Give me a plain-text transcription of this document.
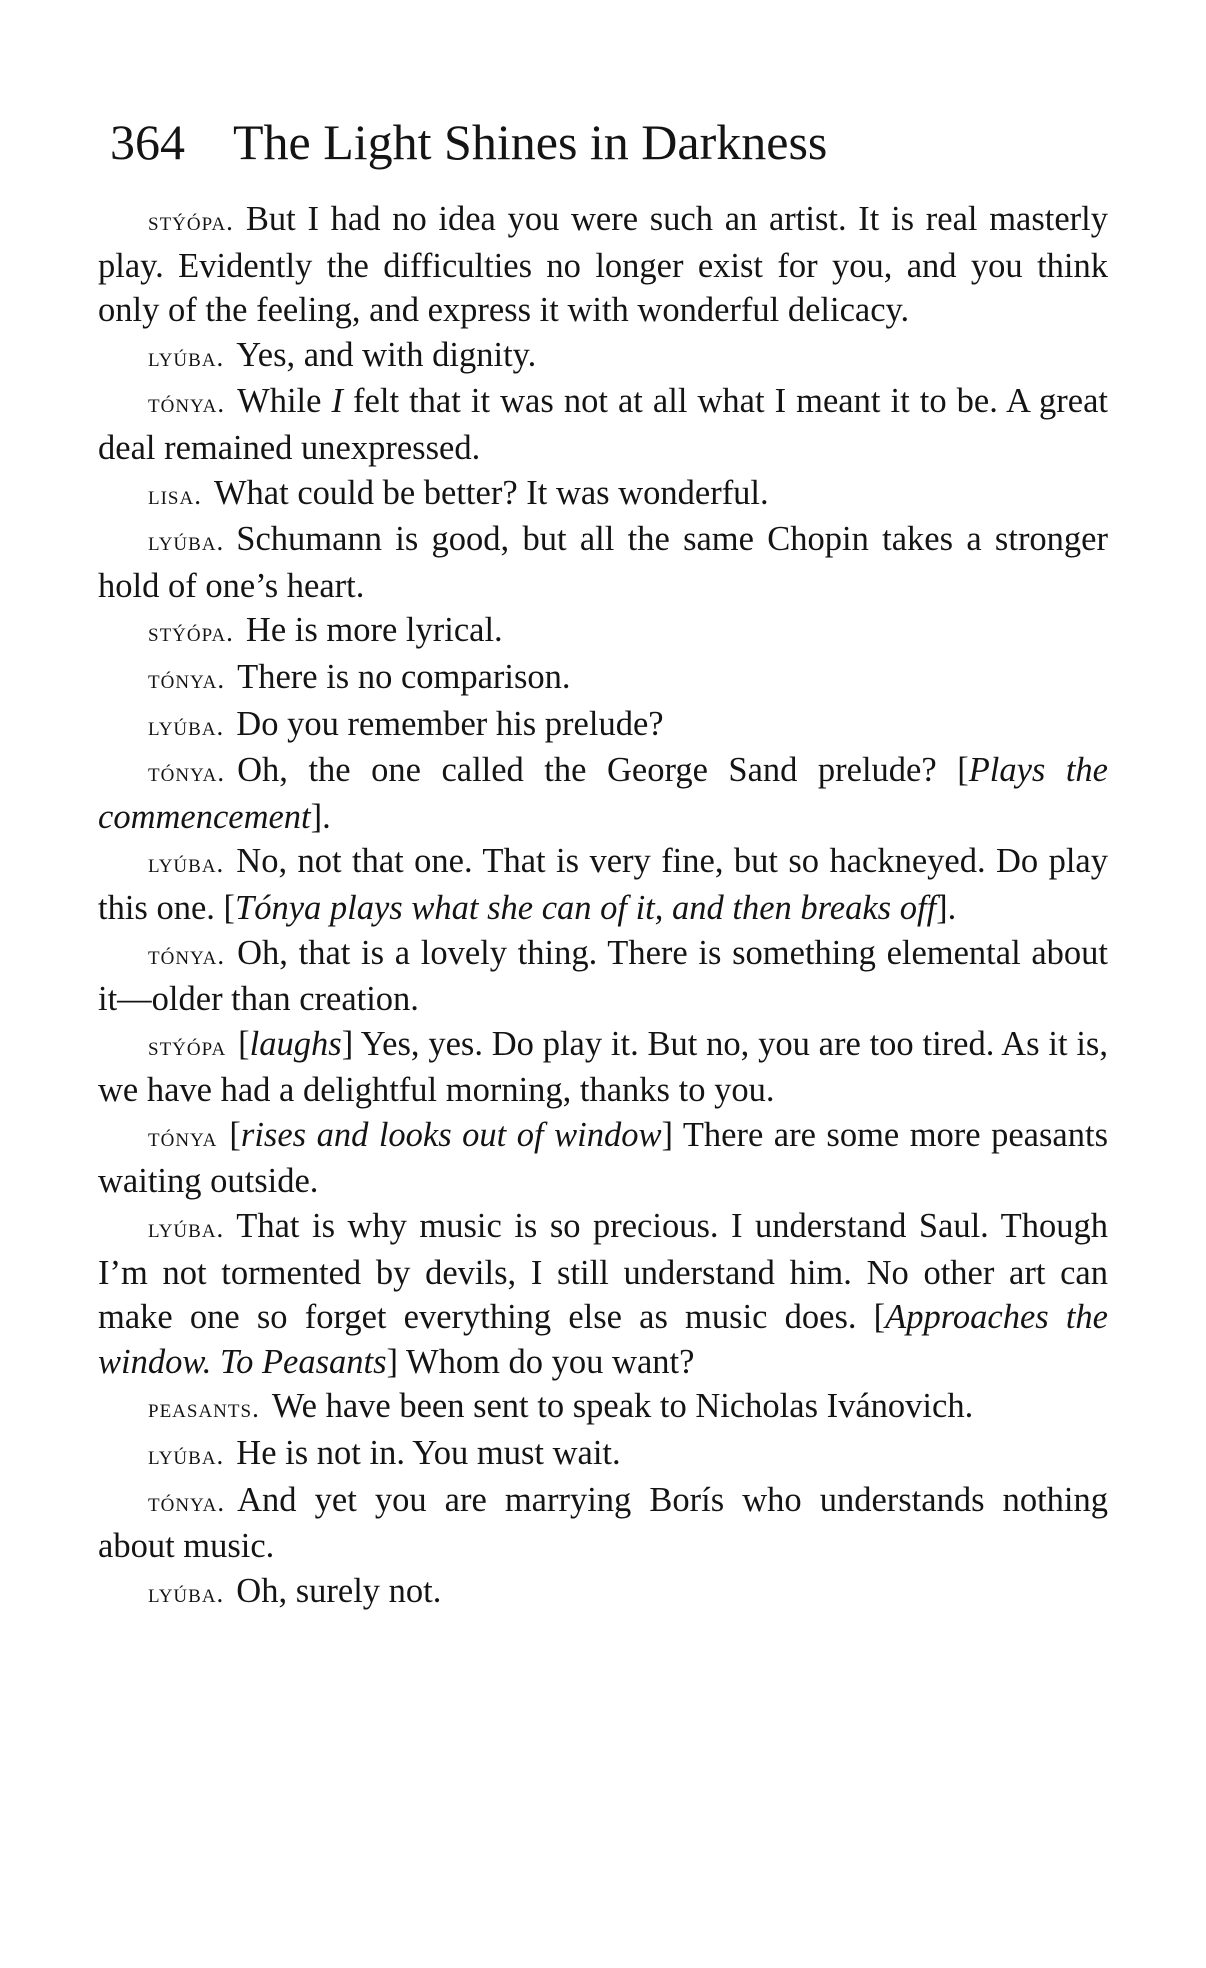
364 The Light Shines in Darkness

stýópa. But I had no idea you were such an artist. It is real masterly play. Evidently the difficulties no longer exist for you, and you think only of the feeling, and express it with wonderful delicacy.

lyúba. Yes, and with dignity.

tónya. While I felt that it was not at all what I meant it to be. A great deal remained unexpressed.

lisa. What could be better? It was wonderful.

lyúba. Schumann is good, but all the same Chopin takes a stronger hold of one’s heart.

stýópa. He is more lyrical.

tónya. There is no comparison.

lyúba. Do you remember his prelude?

tónya. Oh, the one called the George Sand prelude? [Plays the commencement].

lyúba. No, not that one. That is very fine, but so hackneyed. Do play this one. [Tónya plays what she can of it, and then breaks off].

tónya. Oh, that is a lovely thing. There is something elemental about it—older than creation.

stýópa [laughs] Yes, yes. Do play it. But no, you are too tired. As it is, we have had a delightful morning, thanks to you.

tónya [rises and looks out of window] There are some more peasants waiting outside.

lyúba. That is why music is so precious. I understand Saul. Though I’m not tormented by devils, I still understand him. No other art can make one so forget everything else as music does. [Approaches the window. To Peasants] Whom do you want?

peasants. We have been sent to speak to Nicholas Ivánovich.

lyúba. He is not in. You must wait.

tónya. And yet you are marrying Borís who understands nothing about music.

lyúba. Oh, surely not.
